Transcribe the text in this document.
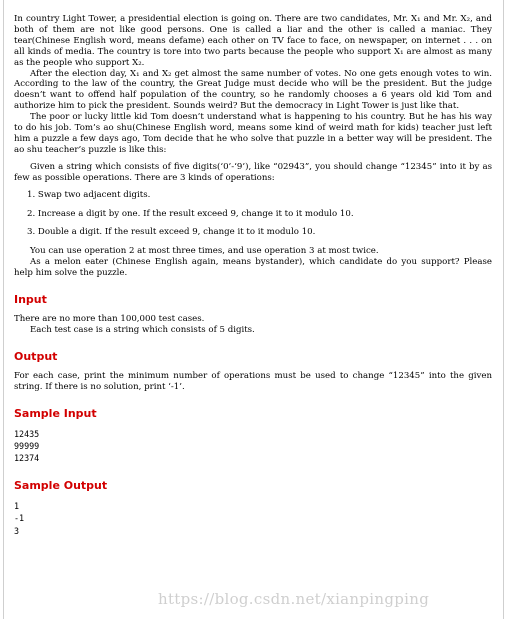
In country Light Tower, a presidential election is going on. There are two candidates, Mr. X₁ and Mr. X₂, and both of them are not like good persons. One is called a liar and the other is called a maniac. They tear(Chinese English word, means defame) each other on TV face to face, on newspaper, on internet . . . on all kinds of media. The country is tore into two parts because the people who support X₁ are almost as many as the people who support X₂.

After the election day, X₁ and X₂ get almost the same number of votes. No one gets enough votes to win. According to the law of the country, the Great Judge must decide who will be the president. But the judge doesn’t want to offend half population of the country, so he randomly chooses a 6 years old kid Tom and authorize him to pick the president. Sounds weird? But the democracy in Light Tower is just like that.

The poor or lucky little kid Tom doesn’t understand what is happening to his country. But he has his way to do his job. Tom’s ao shu(Chinese English word, means some kind of weird math for kids) teacher just left him a puzzle a few days ago, Tom decide that he who solve that puzzle in a better way will be president. The ao shu teacher’s puzzle is like this:

Given a string which consists of five digits(‘0’-‘9’), like “02943”, you should change “12345” into it by as few as possible operations. There are 3 kinds of operations:

1. Swap two adjacent digits.
2. Increase a digit by one. If the result exceed 9, change it to it modulo 10.
3. Double a digit. If the result exceed 9, change it to it modulo 10.

You can use operation 2 at most three times, and use operation 3 at most twice.

As a melon eater (Chinese English again, means bystander), which candidate do you support? Please help him solve the puzzle.

Input

There are no more than 100,000 test cases.

Each test case is a string which consists of 5 digits.

Output

For each case, print the minimum number of operations must be used to change “12345” into the given string. If there is no solution, print ‘-1’.

Sample Input
12435
99999
12374
Sample Output
1
-1
3
https://blog.csdn.net/xianpingping
